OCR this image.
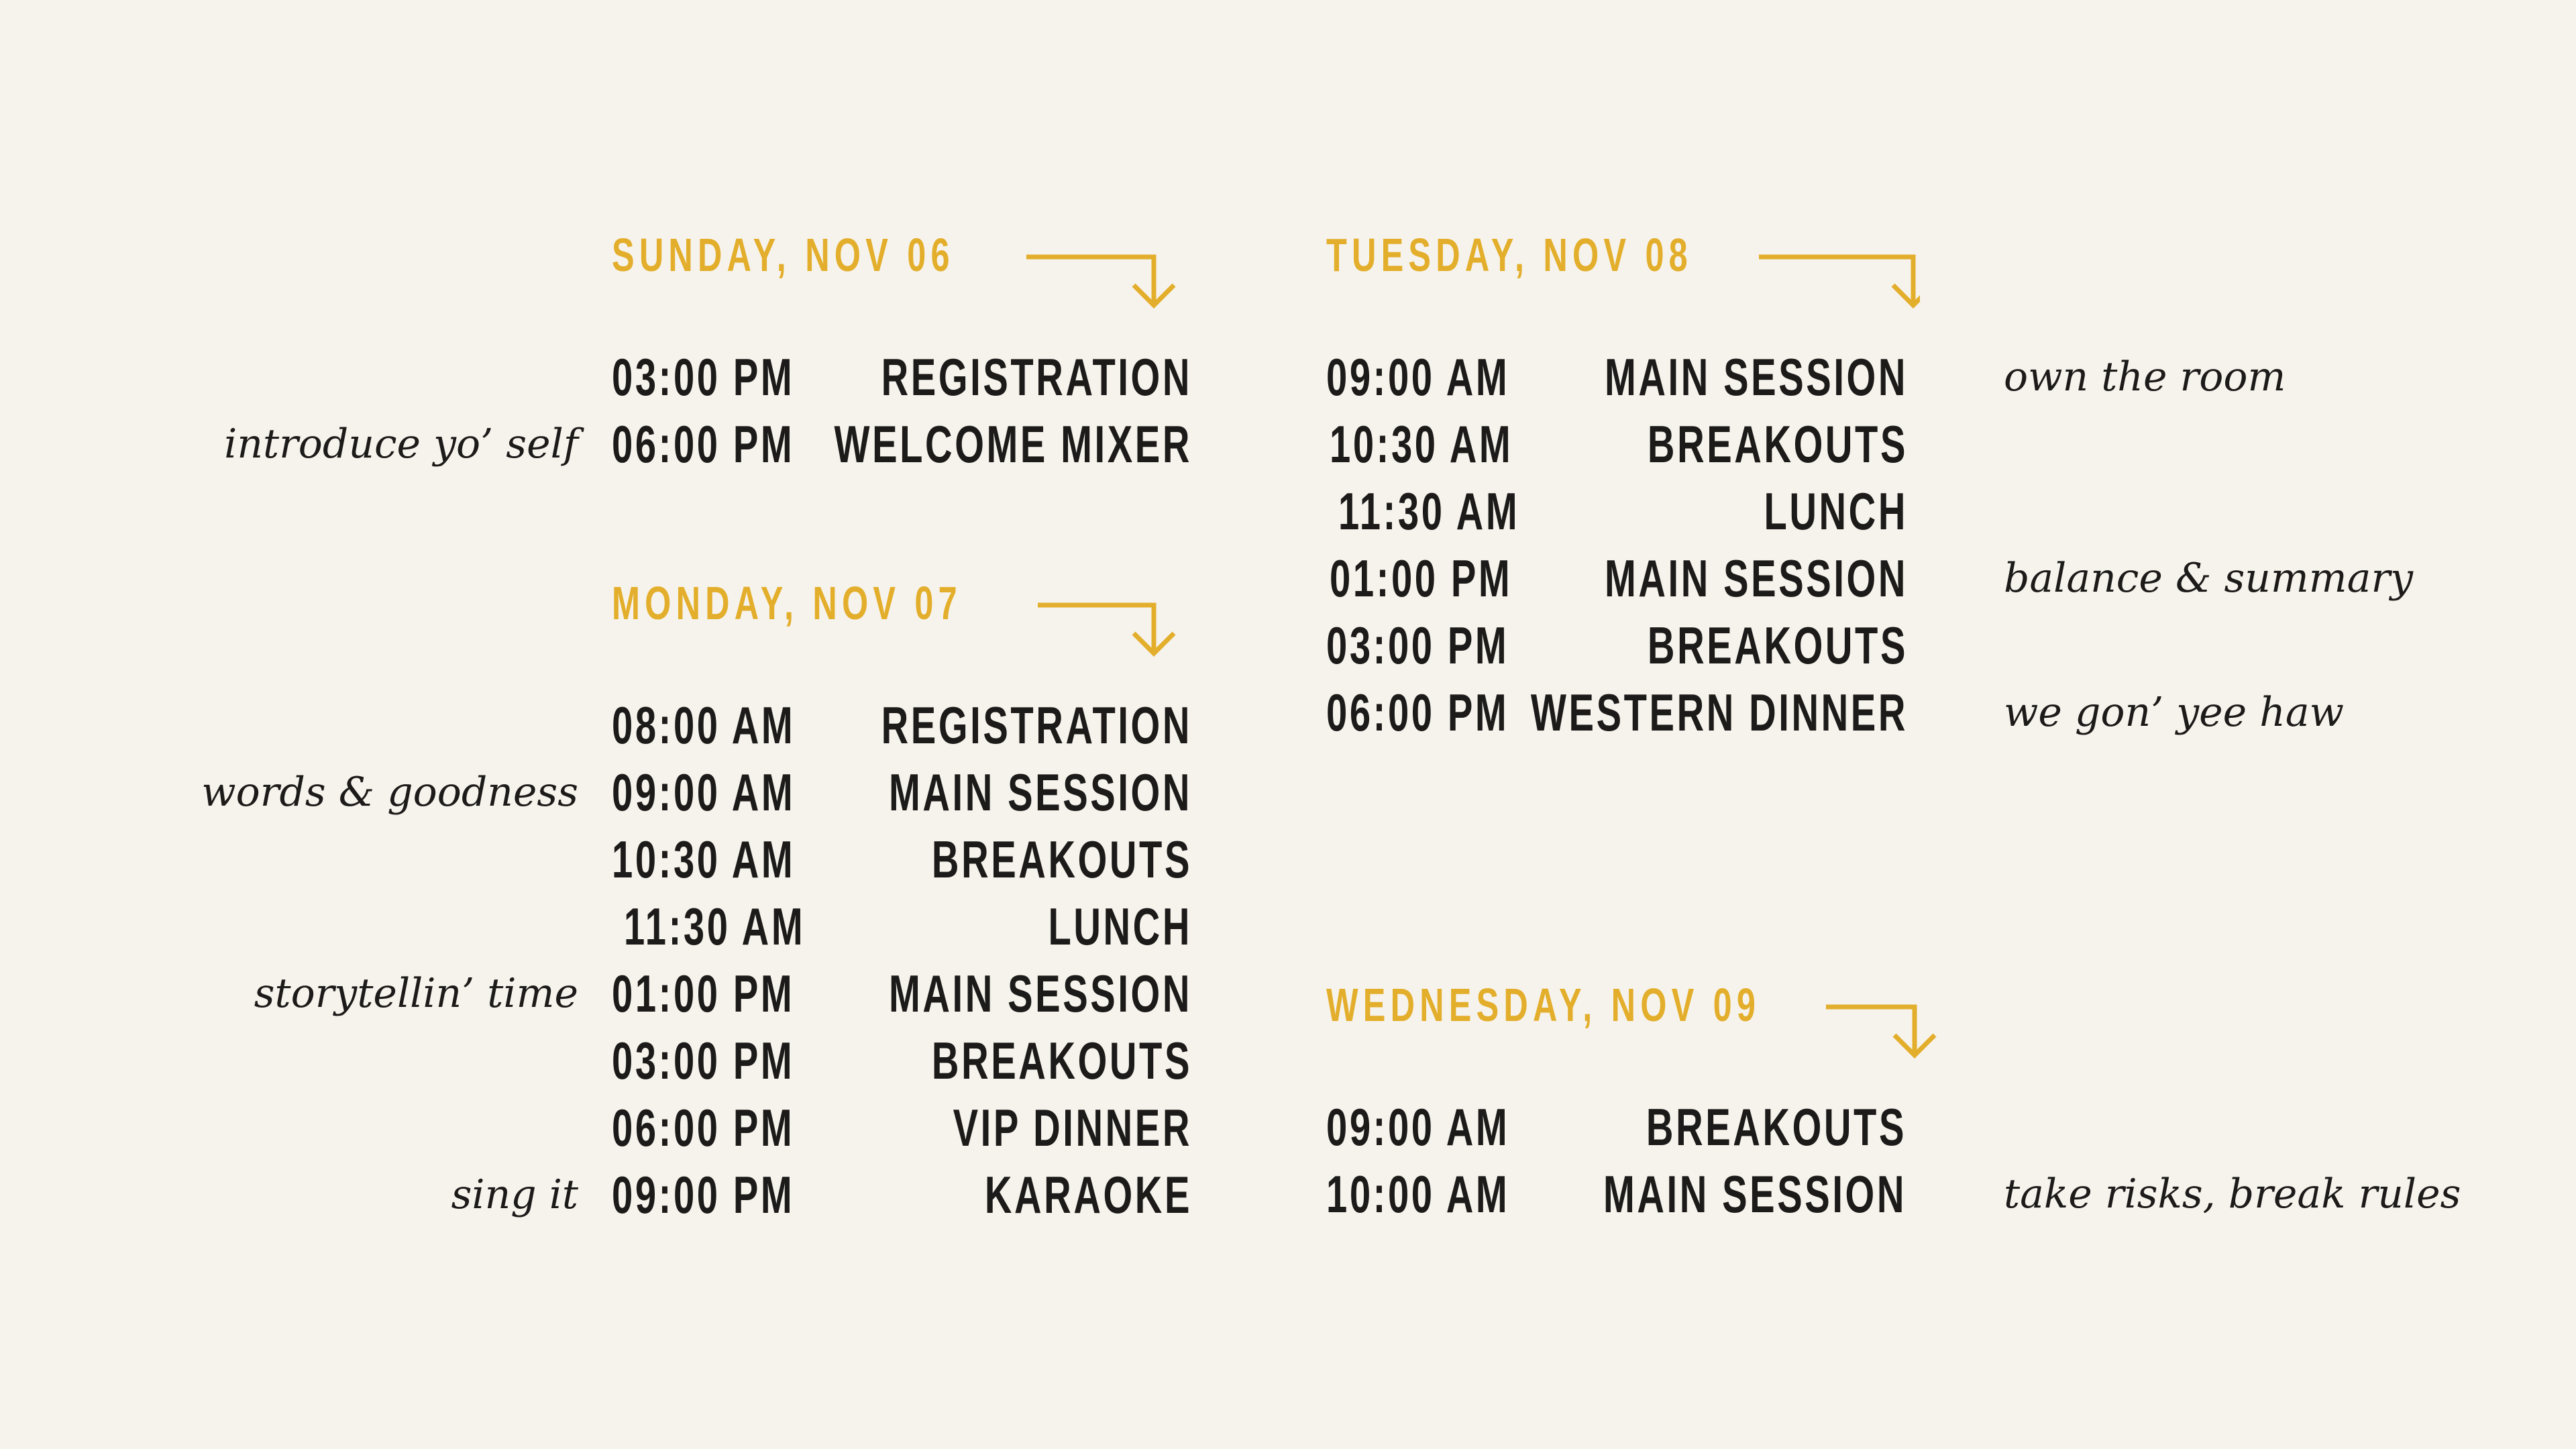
SUNDAY, NOV 06
03:00 PM	REGISTRATION
introduce yo’ self 06:00 PM WELCOME MIXER
MONDAY, NOV 07
08:00 AM	REGISTRATION
words & goodness 09:00 AM	MAIN SESSION
10:30 AM	BREAKOUTS
11:30 AM	LUNCH
storytellin’ time 01:00 PM	MAIN SESSION
03:00 PM	BREAKOUTS
06:00 PM	VIP DINNER
sing it 09:00 PM	KARAOKE
TUESDAY, NOV 08
09:00 AM	MAIN SESSION own the room
10:30 AM	BREAKOUTS
11:30 AM	LUNCH
01:00 PM	MAIN SESSION balance & summary
03:00 PM	BREAKOUTS
06:00 PM WESTERN DINNER we gon’ yee haw
WEDNESDAY, NOV 09
09:00 AM	BREAKOUTS
10:00 AM	MAIN SESSION take risks, break rules
